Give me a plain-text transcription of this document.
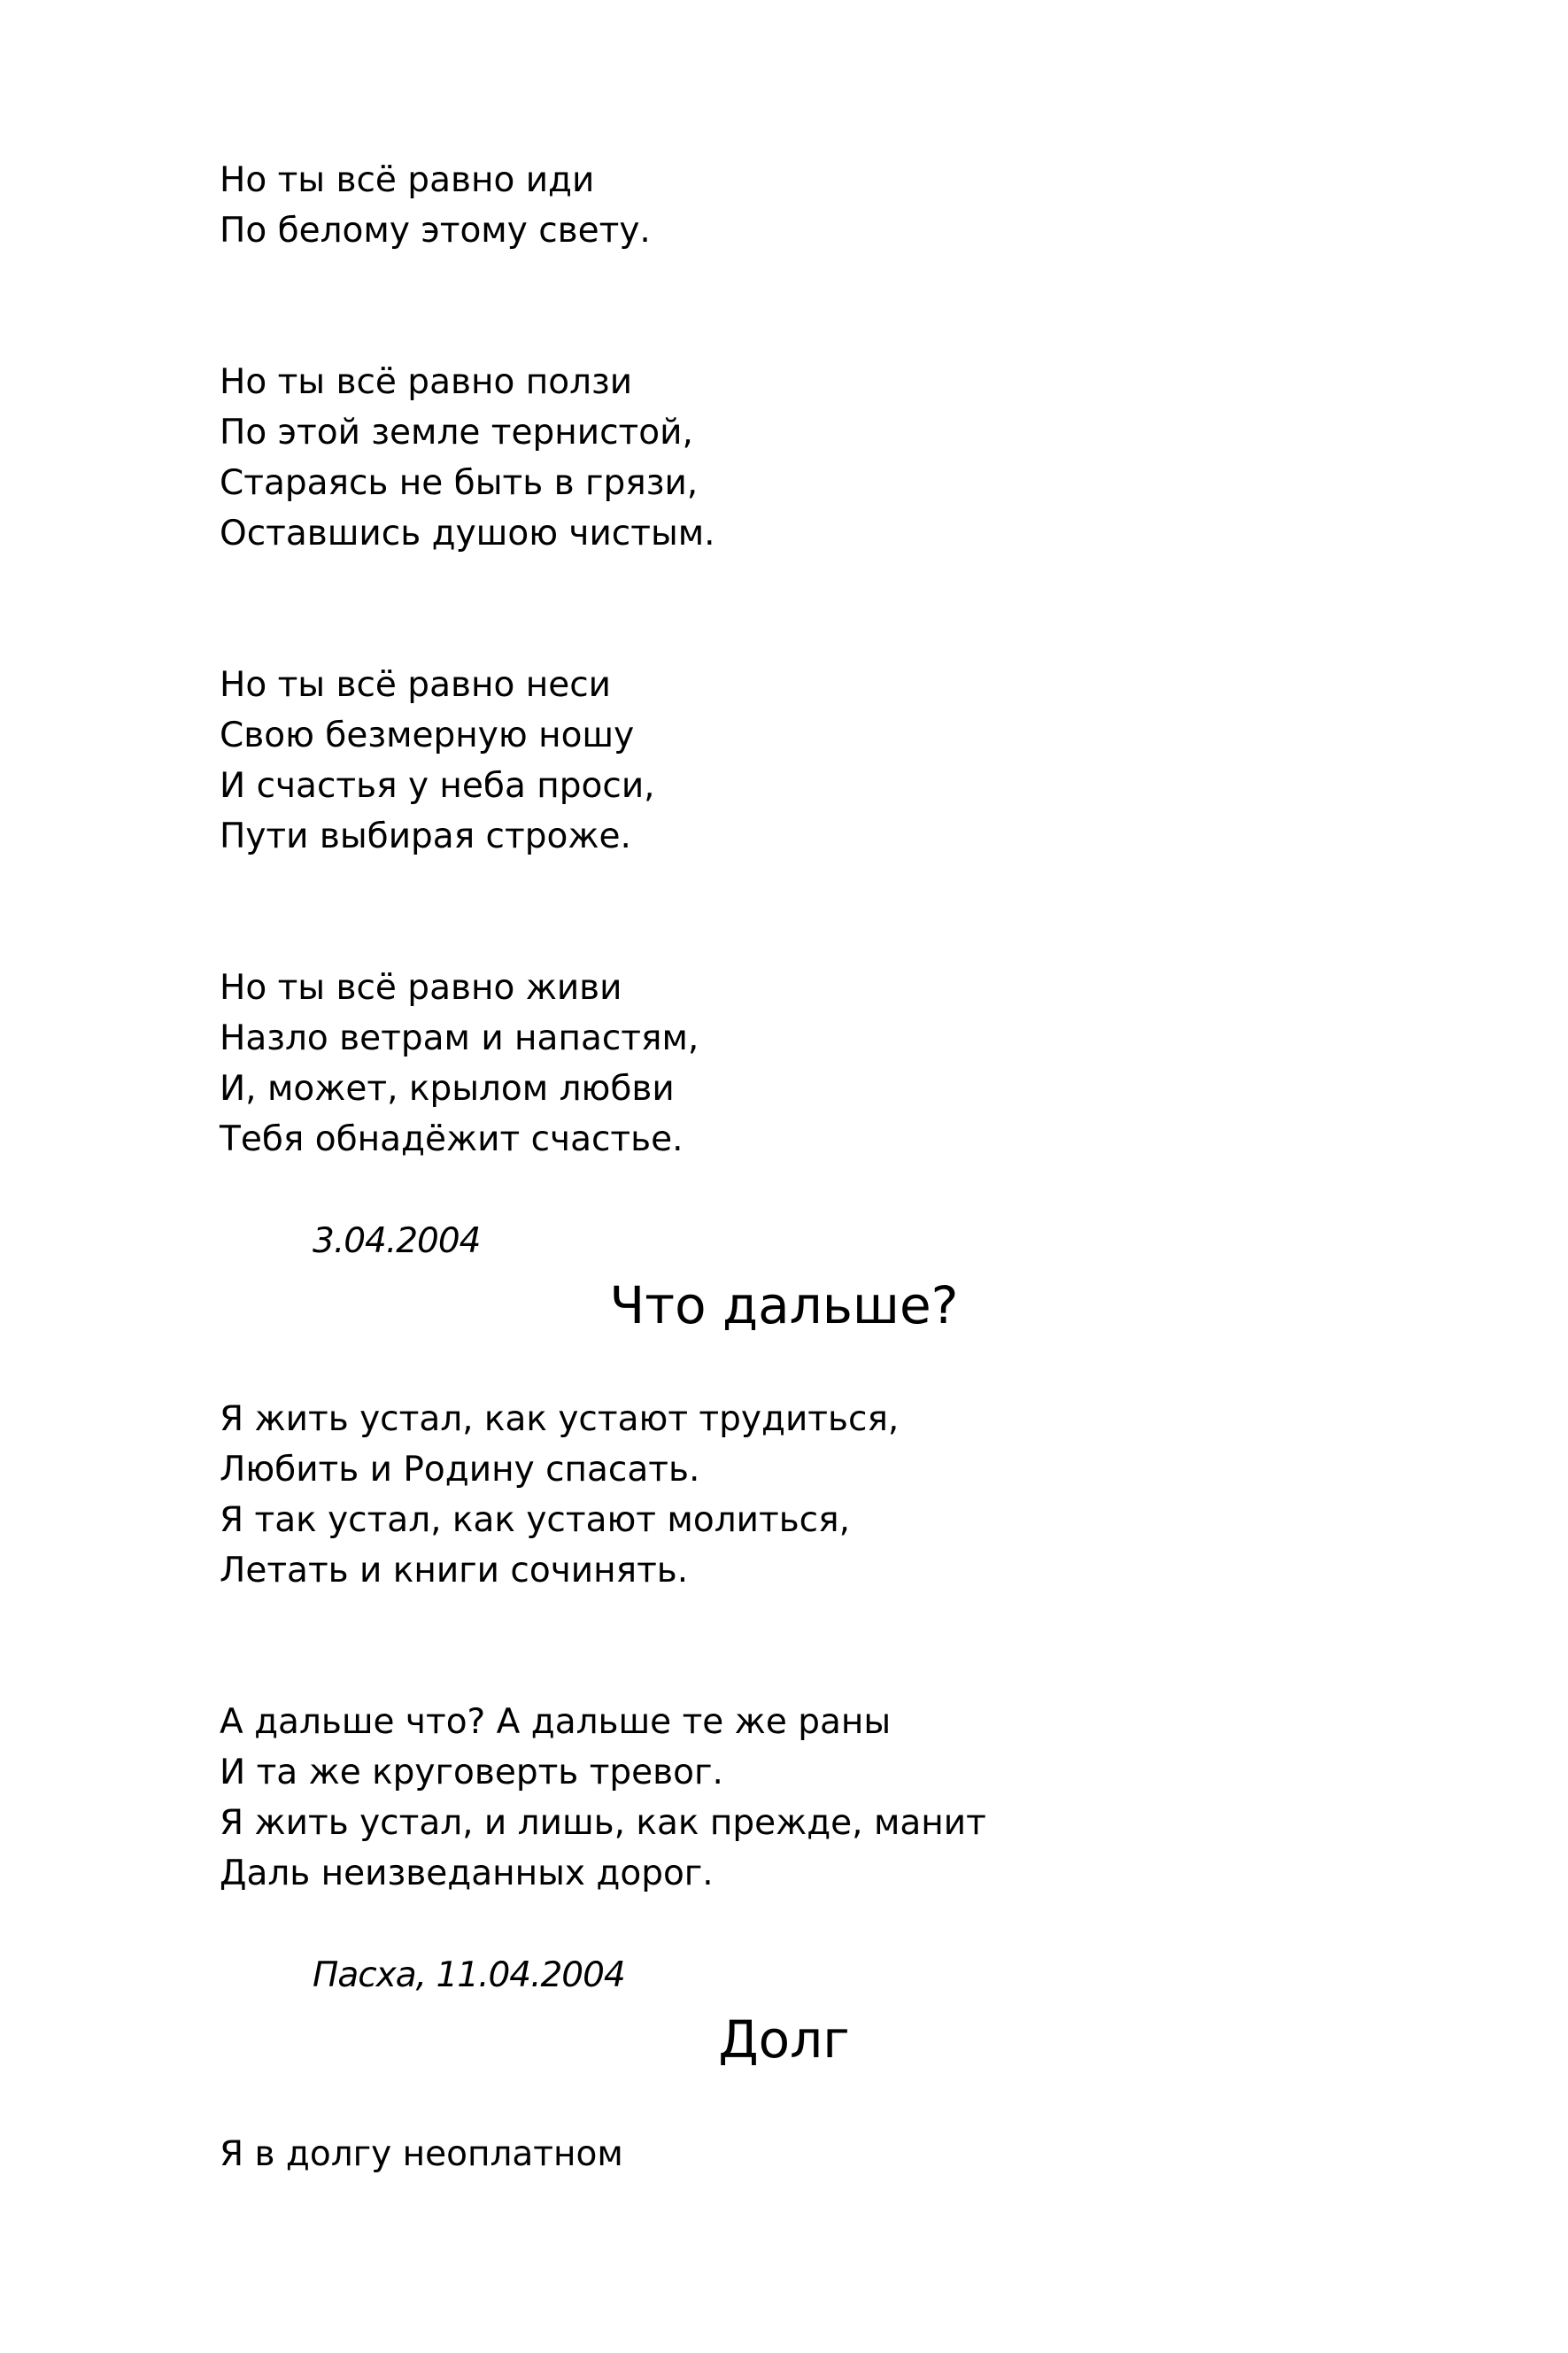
Но ты всё равно иди

По белому этому свету.

Но ты всё равно ползи

По этой земле тернистой,

Стараясь не быть в грязи,

Оставшись душою чистым.

Но ты всё равно неси

Свою безмерную ношу

И счастья у неба проси,

Пути выбирая строже.

Но ты всё равно живи

Назло ветрам и напастям,

И, может, крылом любви

Тебя обнадёжит счастье.

3.04.2004
Что дальше?

Я жить устал, как устают трудиться,

Любить и Родину спасать.

Я так устал, как устают молиться,

Летать и книги сочинять.

А дальше что? А дальше те же раны

И та же круговерть тревог.

Я жить устал, и лишь, как прежде, манит

Даль неизведанных дорог.

Пасха, 11.04.2004
Долг

Я в долгу неоплатном
